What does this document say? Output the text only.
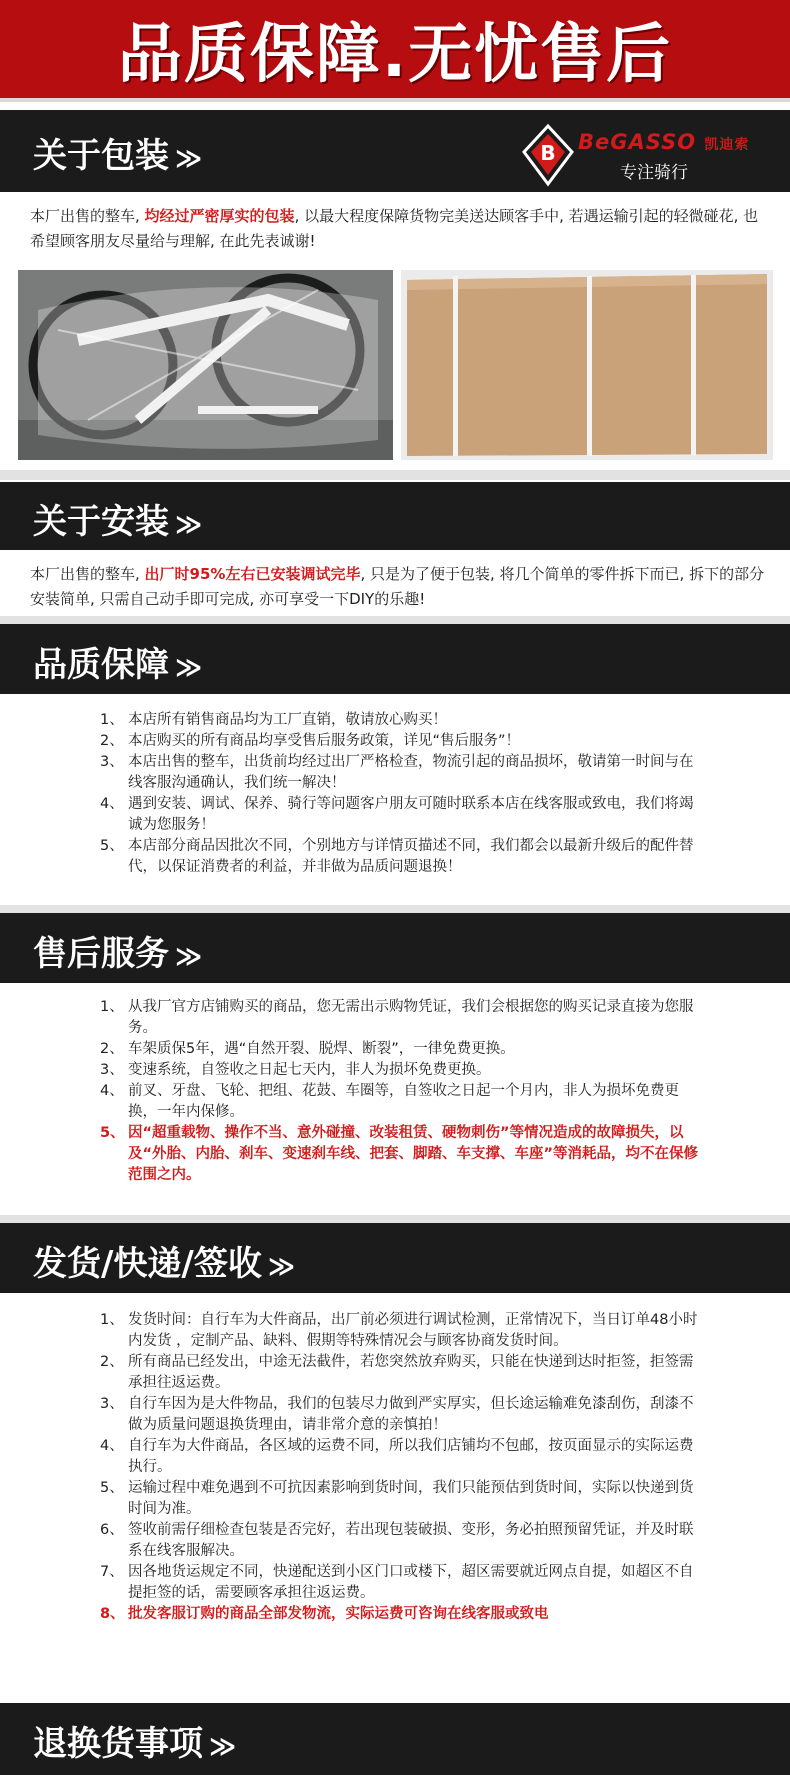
品质保障.无忧售后
关于包装 ≫	B BeGASSO 凯迪索
专注骑行
本厂出售的整车, 均经过严密厚实的包装, 以最大程度保障货物完美送达顾客手中, 若遇运输引起的轻微碰花, 也希望顾客朋友尽量给与理解, 在此先表诚谢!
关于安装 ≫
本厂出售的整车, 出厂时95%左右已安装调试完毕, 只是为了便于包装, 将几个简单的零件拆下而已, 拆下的部分安装简单, 只需自己动手即可完成, 亦可享受一下DIY的乐趣!
品质保障 ≫
1、 本店所有销售商品均为工厂直销，敬请放心购买！
2、 本店购买的所有商品均享受售后服务政策，详见“售后服务”！
3、 本店出售的整车，出货前均经过出厂严格检查，物流引起的商品损坏，敬请第一时间与在线客服沟通确认，我们统一解决！
4、 遇到安装、调试、保养、骑行等问题客户朋友可随时联系本店在线客服或致电，我们将竭诚为您服务！
5、 本店部分商品因批次不同，个别地方与详情页描述不同，我们都会以最新升级后的配件替代，以保证消费者的利益，并非做为品质问题退换！
售后服务 ≫
1、 从我厂官方店铺购买的商品，您无需出示购物凭证，我们会根据您的购买记录直接为您服务。
2、 车架质保5年，遇“自然开裂、脱焊、断裂”，一律免费更换。
3、 变速系统，自签收之日起七天内，非人为损坏免费更换。
4、 前叉、牙盘、飞轮、把组、花鼓、车圈等，自签收之日起一个月内，非人为损坏免费更换，一年内保修。
5、 因“超重载物、操作不当、意外碰撞、改装租赁、硬物刺伤”等情况造成的故障损失，以及“外胎、内胎、刹车、变速刹车线、把套、脚踏、车支撑、车座”等消耗品，均不在保修范围之内。
发货/快递/签收 ≫
1、 发货时间：自行车为大件商品，出厂前必须进行调试检测，正常情况下，当日订单48小时内发货 ，定制产品、缺料、假期等特殊情况会与顾客协商发货时间。
2、 所有商品已经发出，中途无法截件，若您突然放弃购买，只能在快递到达时拒签，拒签需承担往返运费。
3、 自行车因为是大件物品，我们的包装尽力做到严实厚实，但长途运输难免漆刮伤，刮漆不做为质量问题退换货理由，请非常介意的亲慎拍！
4、 自行车为大件商品，各区域的运费不同，所以我们店铺均不包邮，按页面显示的实际运费执行。
5、 运输过程中难免遇到不可抗因素影响到货时间，我们只能预估到货时间，实际以快递到货时间为准。
6、 签收前需仔细检查包装是否完好，若出现包装破损、变形，务必拍照预留凭证，并及时联系在线客服解决。
7、 因各地货运规定不同，快递配送到小区门口或楼下，超区需要就近网点自提，如超区不自提拒签的话，需要顾客承担往返运费。
8、 批发客服订购的商品全部发物流，实际运费可咨询在线客服或致电
退换货事项 ≫
